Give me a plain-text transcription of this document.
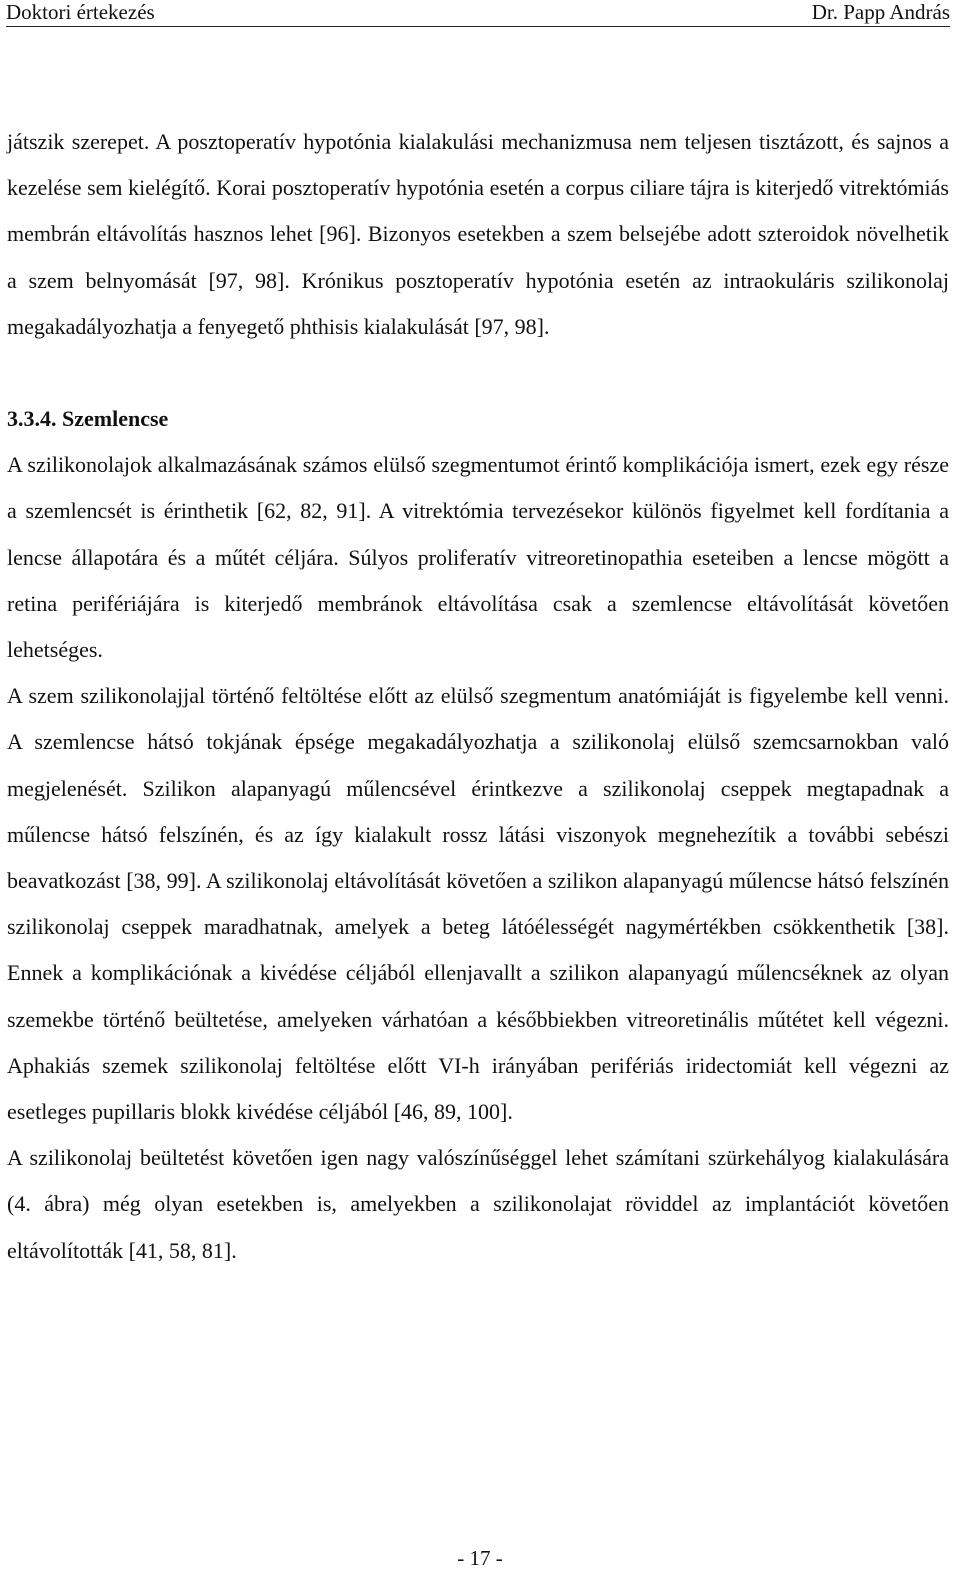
Doktori értekezés	Dr. Papp András

játszik szerepet. A posztoperatív hypotónia kialakulási mechanizmusa nem teljesen tisztázott, és sajnos a kezelése sem kielégítő. Korai posztoperatív hypotónia esetén a corpus ciliare tájra is kiterjedő vitrektómiás membrán eltávolítás hasznos lehet [96]. Bizonyos esetekben a szem belsejébe adott szteroidok növelhetik a szem belnyomását [97, 98]. Krónikus posztoperatív hypotónia esetén az intraokuláris szilikonolaj megakadályozhatja a fenyegető phthisis kialakulását [97, 98].

3.3.4. Szemlencse

A szilikonolajok alkalmazásának számos elülső szegmentumot érintő komplikációja ismert, ezek egy része a szemlencsét is érinthetik [62, 82, 91]. A vitrektómia tervezésekor különös figyelmet kell fordítania a lencse állapotára és a műtét céljára. Súlyos proliferatív vitreoretinopathia eseteiben a lencse mögött a retina perifériájára is kiterjedő membránok eltávolítása csak a szemlencse eltávolítását követően lehetséges.

A szem szilikonolajjal történő feltöltése előtt az elülső szegmentum anatómiáját is figyelembe kell venni. A szemlencse hátsó tokjának épsége megakadályozhatja a szilikonolaj elülső szemcsarnokban való megjelenését. Szilikon alapanyagú műlencsével érintkezve a szilikonolaj cseppek megtapadnak a műlencse hátsó felszínén, és az így kialakult rossz látási viszonyok megnehezítik a további sebészi beavatkozást [38, 99]. A szilikonolaj eltávolítását követően a szilikon alapanyagú műlencse hátsó felszínén szilikonolaj cseppek maradhatnak, amelyek a beteg látóélességét nagymértékben csökkenthetik [38]. Ennek a komplikációnak a kivédése céljából ellenjavallt a szilikon alapanyagú műlencséknek az olyan szemekbe történő beültetése, amelyeken várhatóan a későbbiekben vitreoretinális műtétet kell végezni. Aphakiás szemek szilikonolaj feltöltése előtt VI-h irányában perifériás iridectomiát kell végezni az esetleges pupillaris blokk kivédése céljából [46, 89, 100].

A szilikonolaj beültetést követően igen nagy valószínűséggel lehet számítani szürkehályog kialakulására (4. ábra) még olyan esetekben is, amelyekben a szilikonolajat röviddel az implantációt követően eltávolították [41, 58, 81].

- 17 -
